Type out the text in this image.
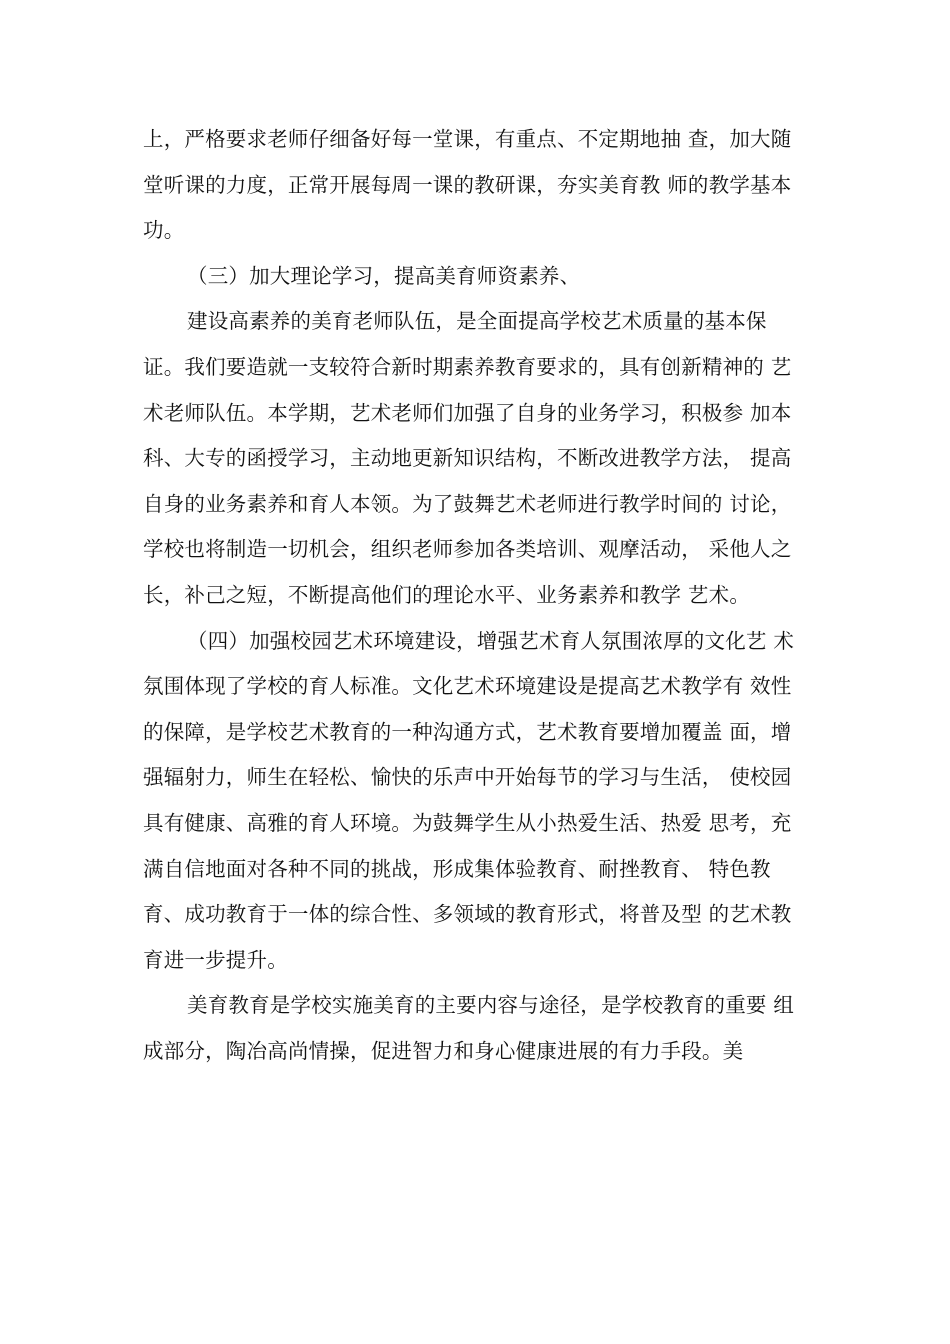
上，严格要求老师仔细备好每一堂课，有重点、不定期地抽 查，加大随
堂听课的力度，正常开展每周一课的教研课，夯实美育教 师的教学基本
功。
（三）加大理论学习，提高美育师资素养、
建设高素养的美育老师队伍，是全面提高学校艺术质量的基本保
证。我们要造就一支较符合新时期素养教育要求的，具有创新精神的 艺
术老师队伍。本学期，艺术老师们加强了自身的业务学习，积极参 加本
科、大专的函授学习，主动地更新知识结构，不断改进教学方法， 提高
自身的业务素养和育人本领。为了鼓舞艺术老师进行教学时间的 讨论，
学校也将制造一切机会，组织老师参加各类培训、观摩活动， 采他人之
长，补己之短，不断提高他们的理论水平、业务素养和教学 艺术。
（四）加强校园艺术环境建设，增强艺术育人氛围浓厚的文化艺 术
氛围体现了学校的育人标准。文化艺术环境建设是提高艺术教学有 效性
的保障，是学校艺术教育的一种沟通方式，艺术教育要增加覆盖 面，增
强辐射力，师生在轻松、愉快的乐声中开始每节的学习与生活， 使校园
具有健康、高雅的育人环境。为鼓舞学生从小热爱生活、热爱 思考，充
满自信地面对各种不同的挑战，形成集体验教育、耐挫教育、 特色教
育、成功教育于一体的综合性、多领域的教育形式，将普及型 的艺术教
育进一步提升。
美育教育是学校实施美育的主要内容与途径，是学校教育的重要 组
成部分，陶冶高尚情操，促进智力和身心健康进展的有力手段。美
